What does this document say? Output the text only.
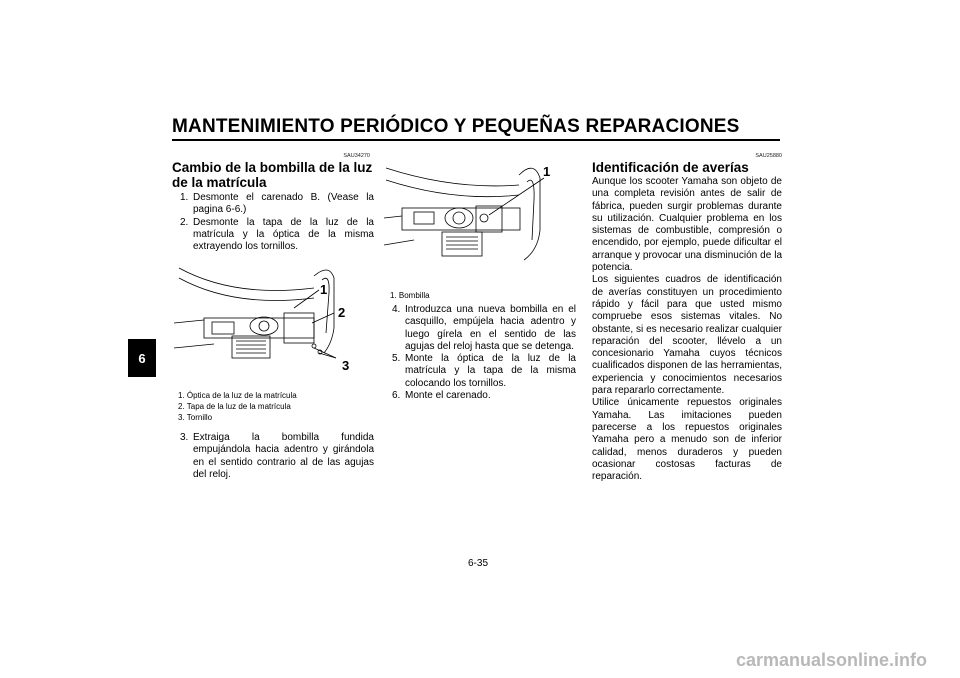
MANTENIMIENTO PERIÓDICO Y PEQUEÑAS REPARACIONES
6
SAU34270
Cambio de la bombilla de la luz
de la matrícula
1. Desmonte el carenado B. (Vease la pagina 6-6.)
2. Desmonte la tapa de la luz de la matrícula y la óptica de la misma extrayendo los tornillos.
1
2
3
1. Óptica de la luz de la matrícula
2. Tapa de la luz de la matrícula
3. Tornillo
3. Extraiga la bombilla fundida empujándola hacia adentro y girándola en el sentido contrario al de las agujas del reloj.
1
1. Bombilla
4. Introduzca una nueva bombilla en el casquillo, empújela hacia adentro y luego gírela en el sentido de las agujas del reloj hasta que se detenga.
5. Monte la óptica de la luz de la matrícula y la tapa de la misma colocando los tornillos.
6. Monte el carenado.
SAU25880
Identificación de averías
Aunque los scooter Yamaha son objeto de una completa revisión antes de salir de fábrica, pueden surgir problemas durante su utilización. Cualquier problema en los sistemas de combustible, compresión o encendido, por ejemplo, puede dificultar el arranque y provocar una disminución de la potencia.
Los siguientes cuadros de identificación de averías constituyen un procedimiento rápido y fácil para que usted mismo compruebe esos sistemas vitales. No obstante, si es necesario realizar cualquier reparación del scooter, llévelo a un concesionario Yamaha cuyos técnicos cualificados disponen de las herramientas, experiencia y conocimientos necesarios para repararlo correctamente.
Utilice únicamente repuestos originales Yamaha. Las imitaciones pueden parecerse a los repuestos originales Yamaha pero a menudo son de inferior calidad, menos duraderos y pueden ocasionar costosas facturas de reparación.
6-35
carmanualsonline.info
